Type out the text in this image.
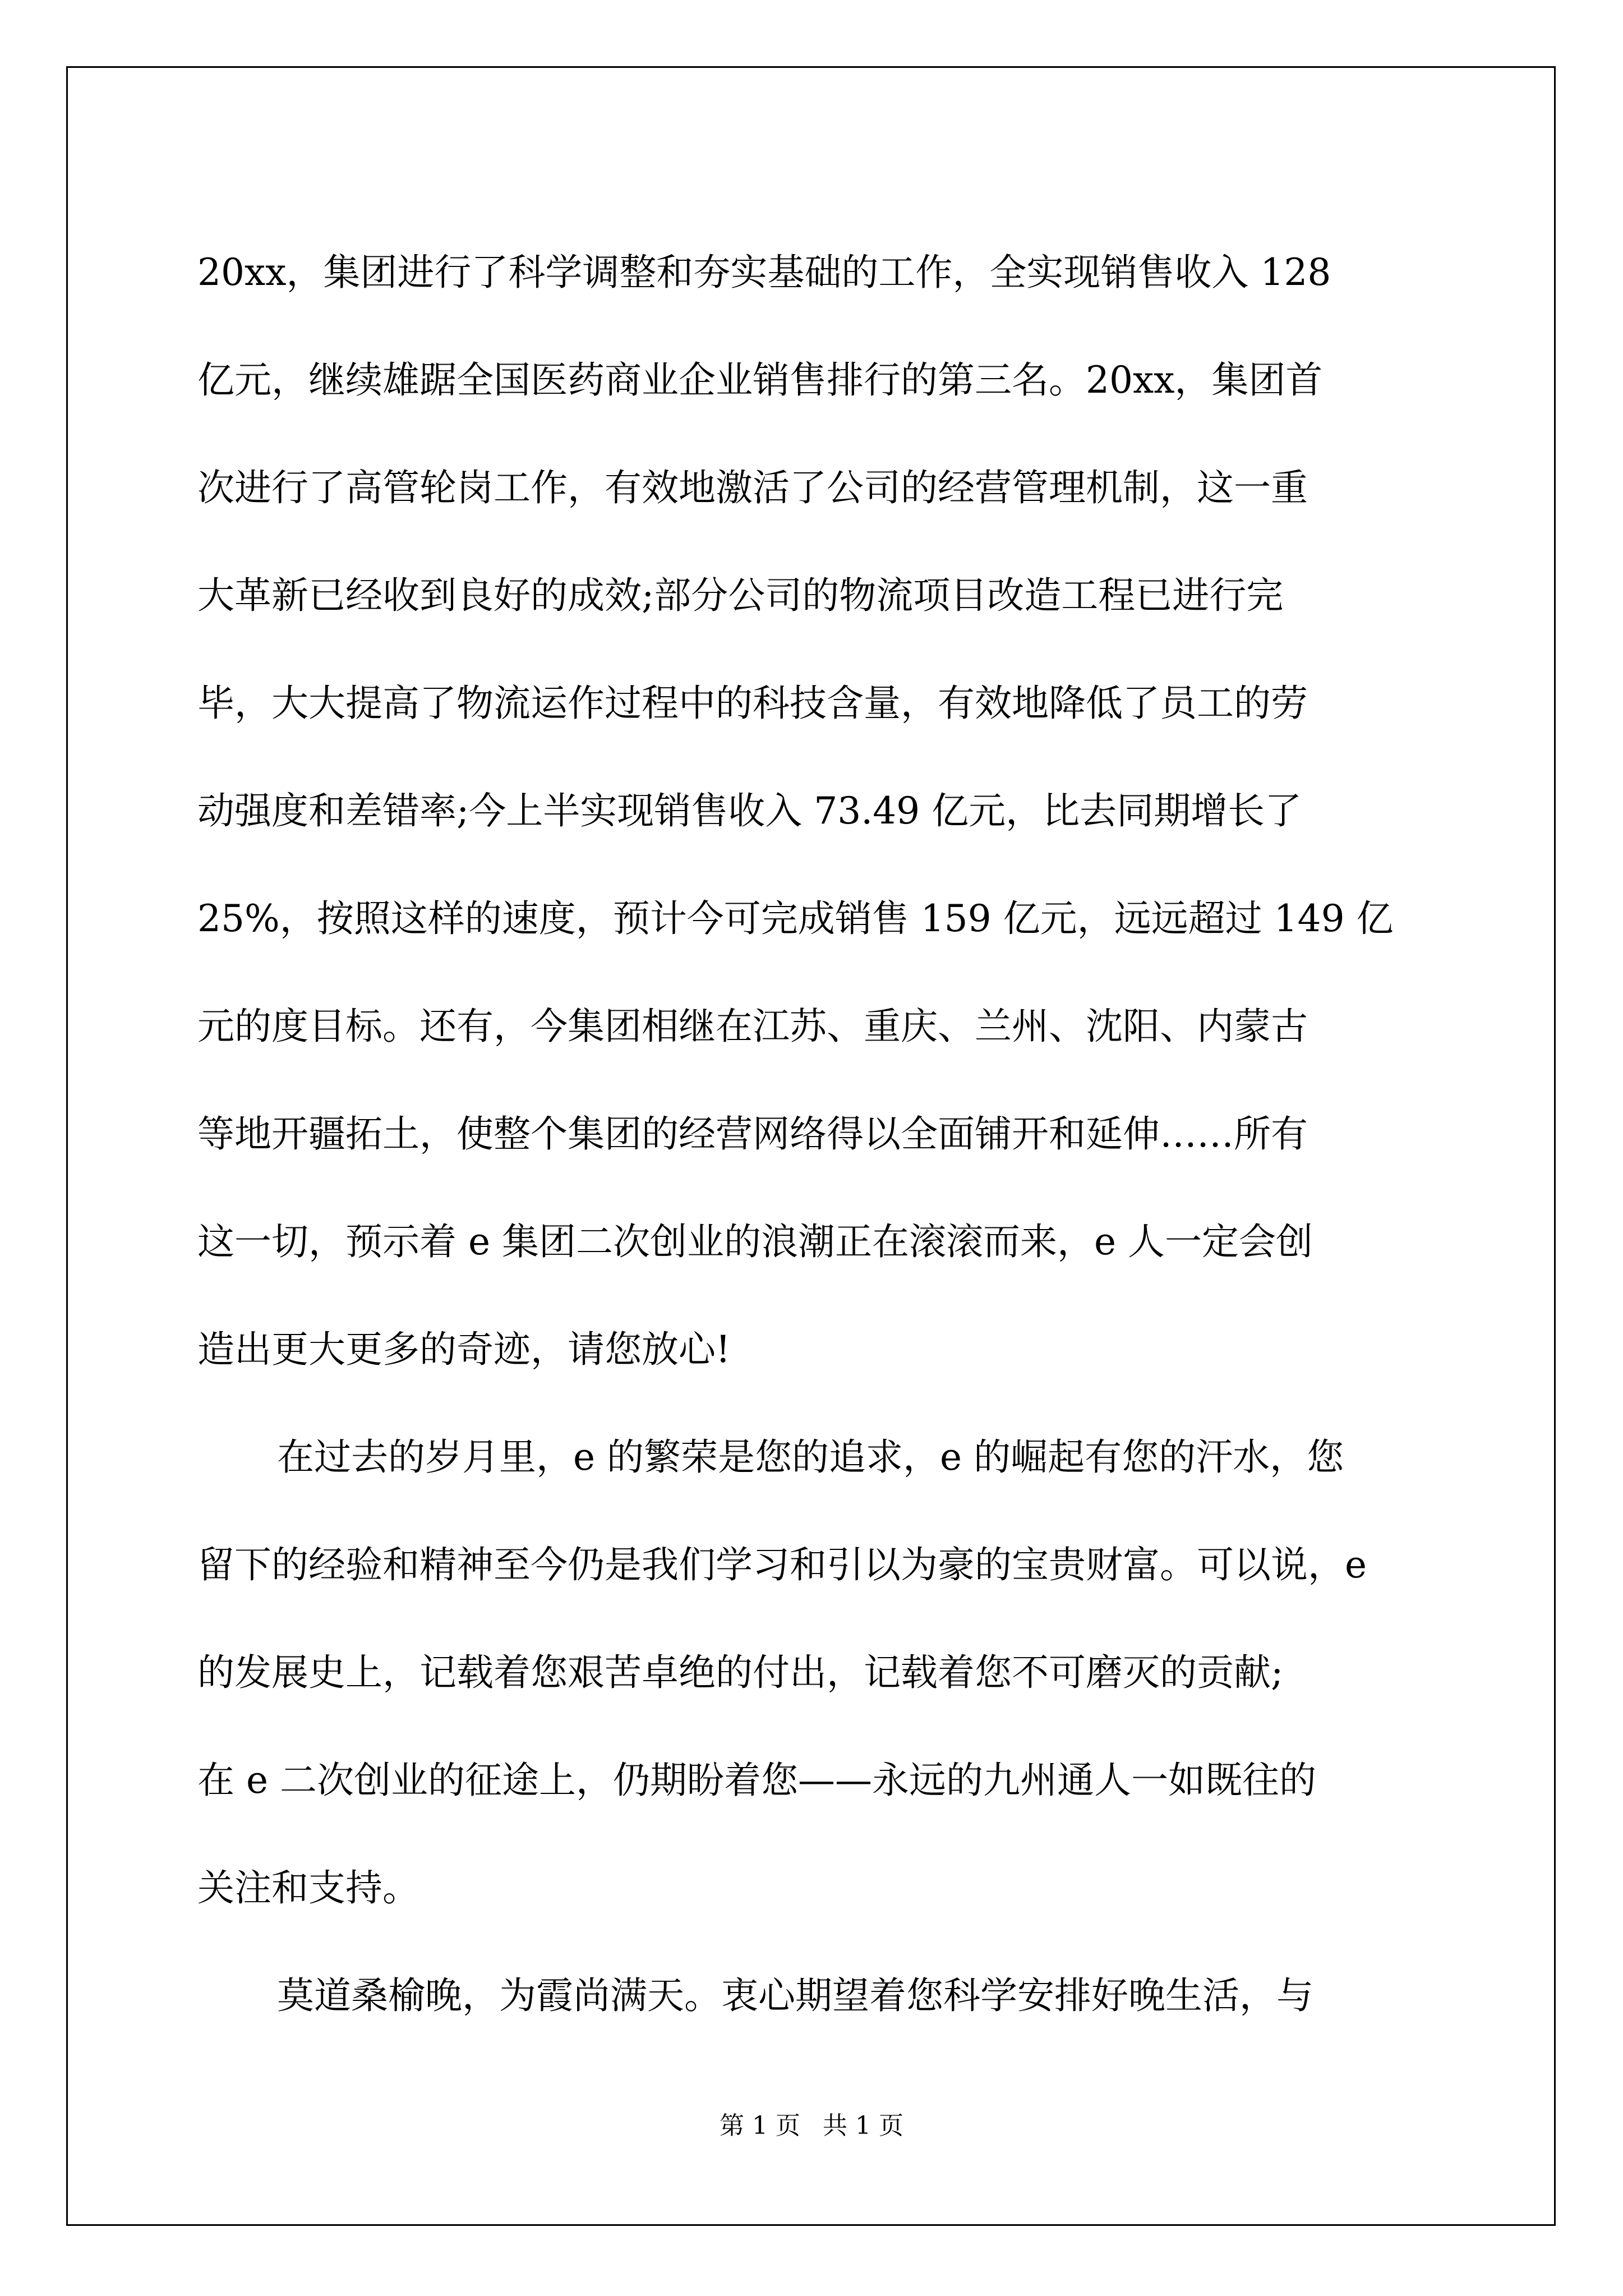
20xx，集团进行了科学调整和夯实基础的工作，全实现销售收入 128
亿元，继续雄踞全国医药商业企业销售排行的第三名。20xx，集团首
次进行了高管轮岗工作，有效地激活了公司的经营管理机制，这一重
大革新已经收到良好的成效;部分公司的物流项目改造工程已进行完
毕，大大提高了物流运作过程中的科技含量，有效地降低了员工的劳
动强度和差错率;今上半实现销售收入 73.49 亿元，比去同期增长了
25%，按照这样的速度，预计今可完成销售 159 亿元，远远超过 149 亿
元的度目标。还有，今集团相继在江苏、重庆、兰州、沈阳、内蒙古
等地开疆拓土，使整个集团的经营网络得以全面铺开和延伸……所有
这一切，预示着 e 集团二次创业的浪潮正在滚滚而来，e 人一定会创
造出更大更多的奇迹，请您放心!
在过去的岁月里，e 的繁荣是您的追求，e 的崛起有您的汗水，您
留下的经验和精神至今仍是我们学习和引以为豪的宝贵财富。可以说，e
的发展史上，记载着您艰苦卓绝的付出，记载着您不可磨灭的贡献;
在 e 二次创业的征途上，仍期盼着您——永远的九州通人一如既往的
关注和支持。
莫道桑榆晚，为霞尚满天。衷心期望着您科学安排好晚生活，与
第 1 页 共 1 页
